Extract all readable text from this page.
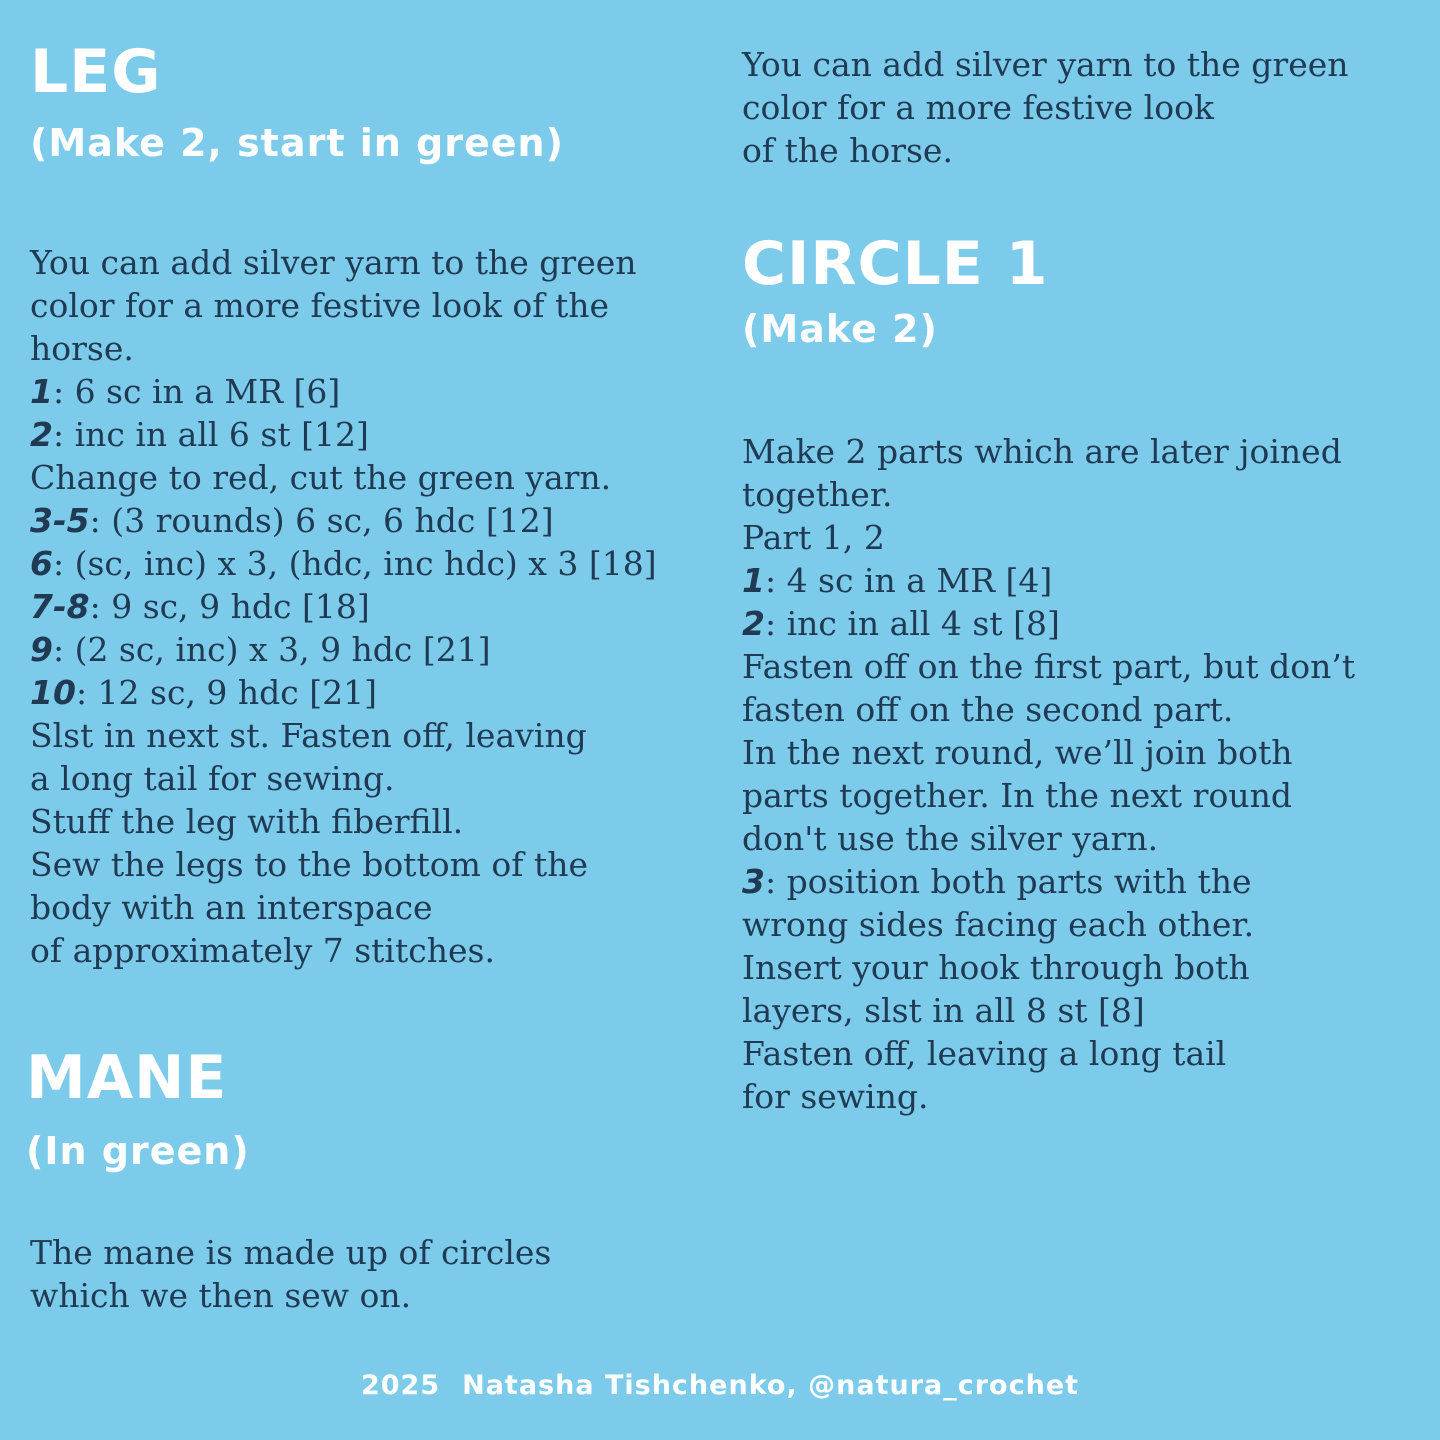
LEG
(Make 2, start in green)
You can add silver yarn to the green
color for a more festive look of the
horse.
1: 6 sc in a MR [6]
2: inc in all 6 st [12]
Change to red, cut the green yarn.
3-5: (3 rounds) 6 sc, 6 hdc [12]
6: (sc, inc) x 3, (hdc, inc hdc) x 3 [18]
7-8: 9 sc, 9 hdc [18]
9: (2 sc, inc) x 3, 9 hdc [21]
10: 12 sc, 9 hdc [21]
Slst in next st. Fasten off, leaving
a long tail for sewing.
Stuff the leg with fiberfill.
Sew the legs to the bottom of the
body with an interspace
of approximately 7 stitches.
MANE
(In green)
The mane is made up of circles
which we then sew on.
You can add silver yarn to the green
color for a more festive look
of the horse.
CIRCLE 1
(Make 2)
Make 2 parts which are later joined
together.
Part 1, 2
1: 4 sc in a MR [4]
2: inc in all 4 st [8]
Fasten off on the first part, but don’t
fasten off on the second part.
In the next round, we’ll join both
parts together. In the next round
don't use the silver yarn.
3: position both parts with the
wrong sides facing each other.
Insert your hook through both
layers, slst in all 8 st [8]
Fasten off, leaving a long tail
for sewing.
2025 Natasha Tishchenko, @natura_crochet
